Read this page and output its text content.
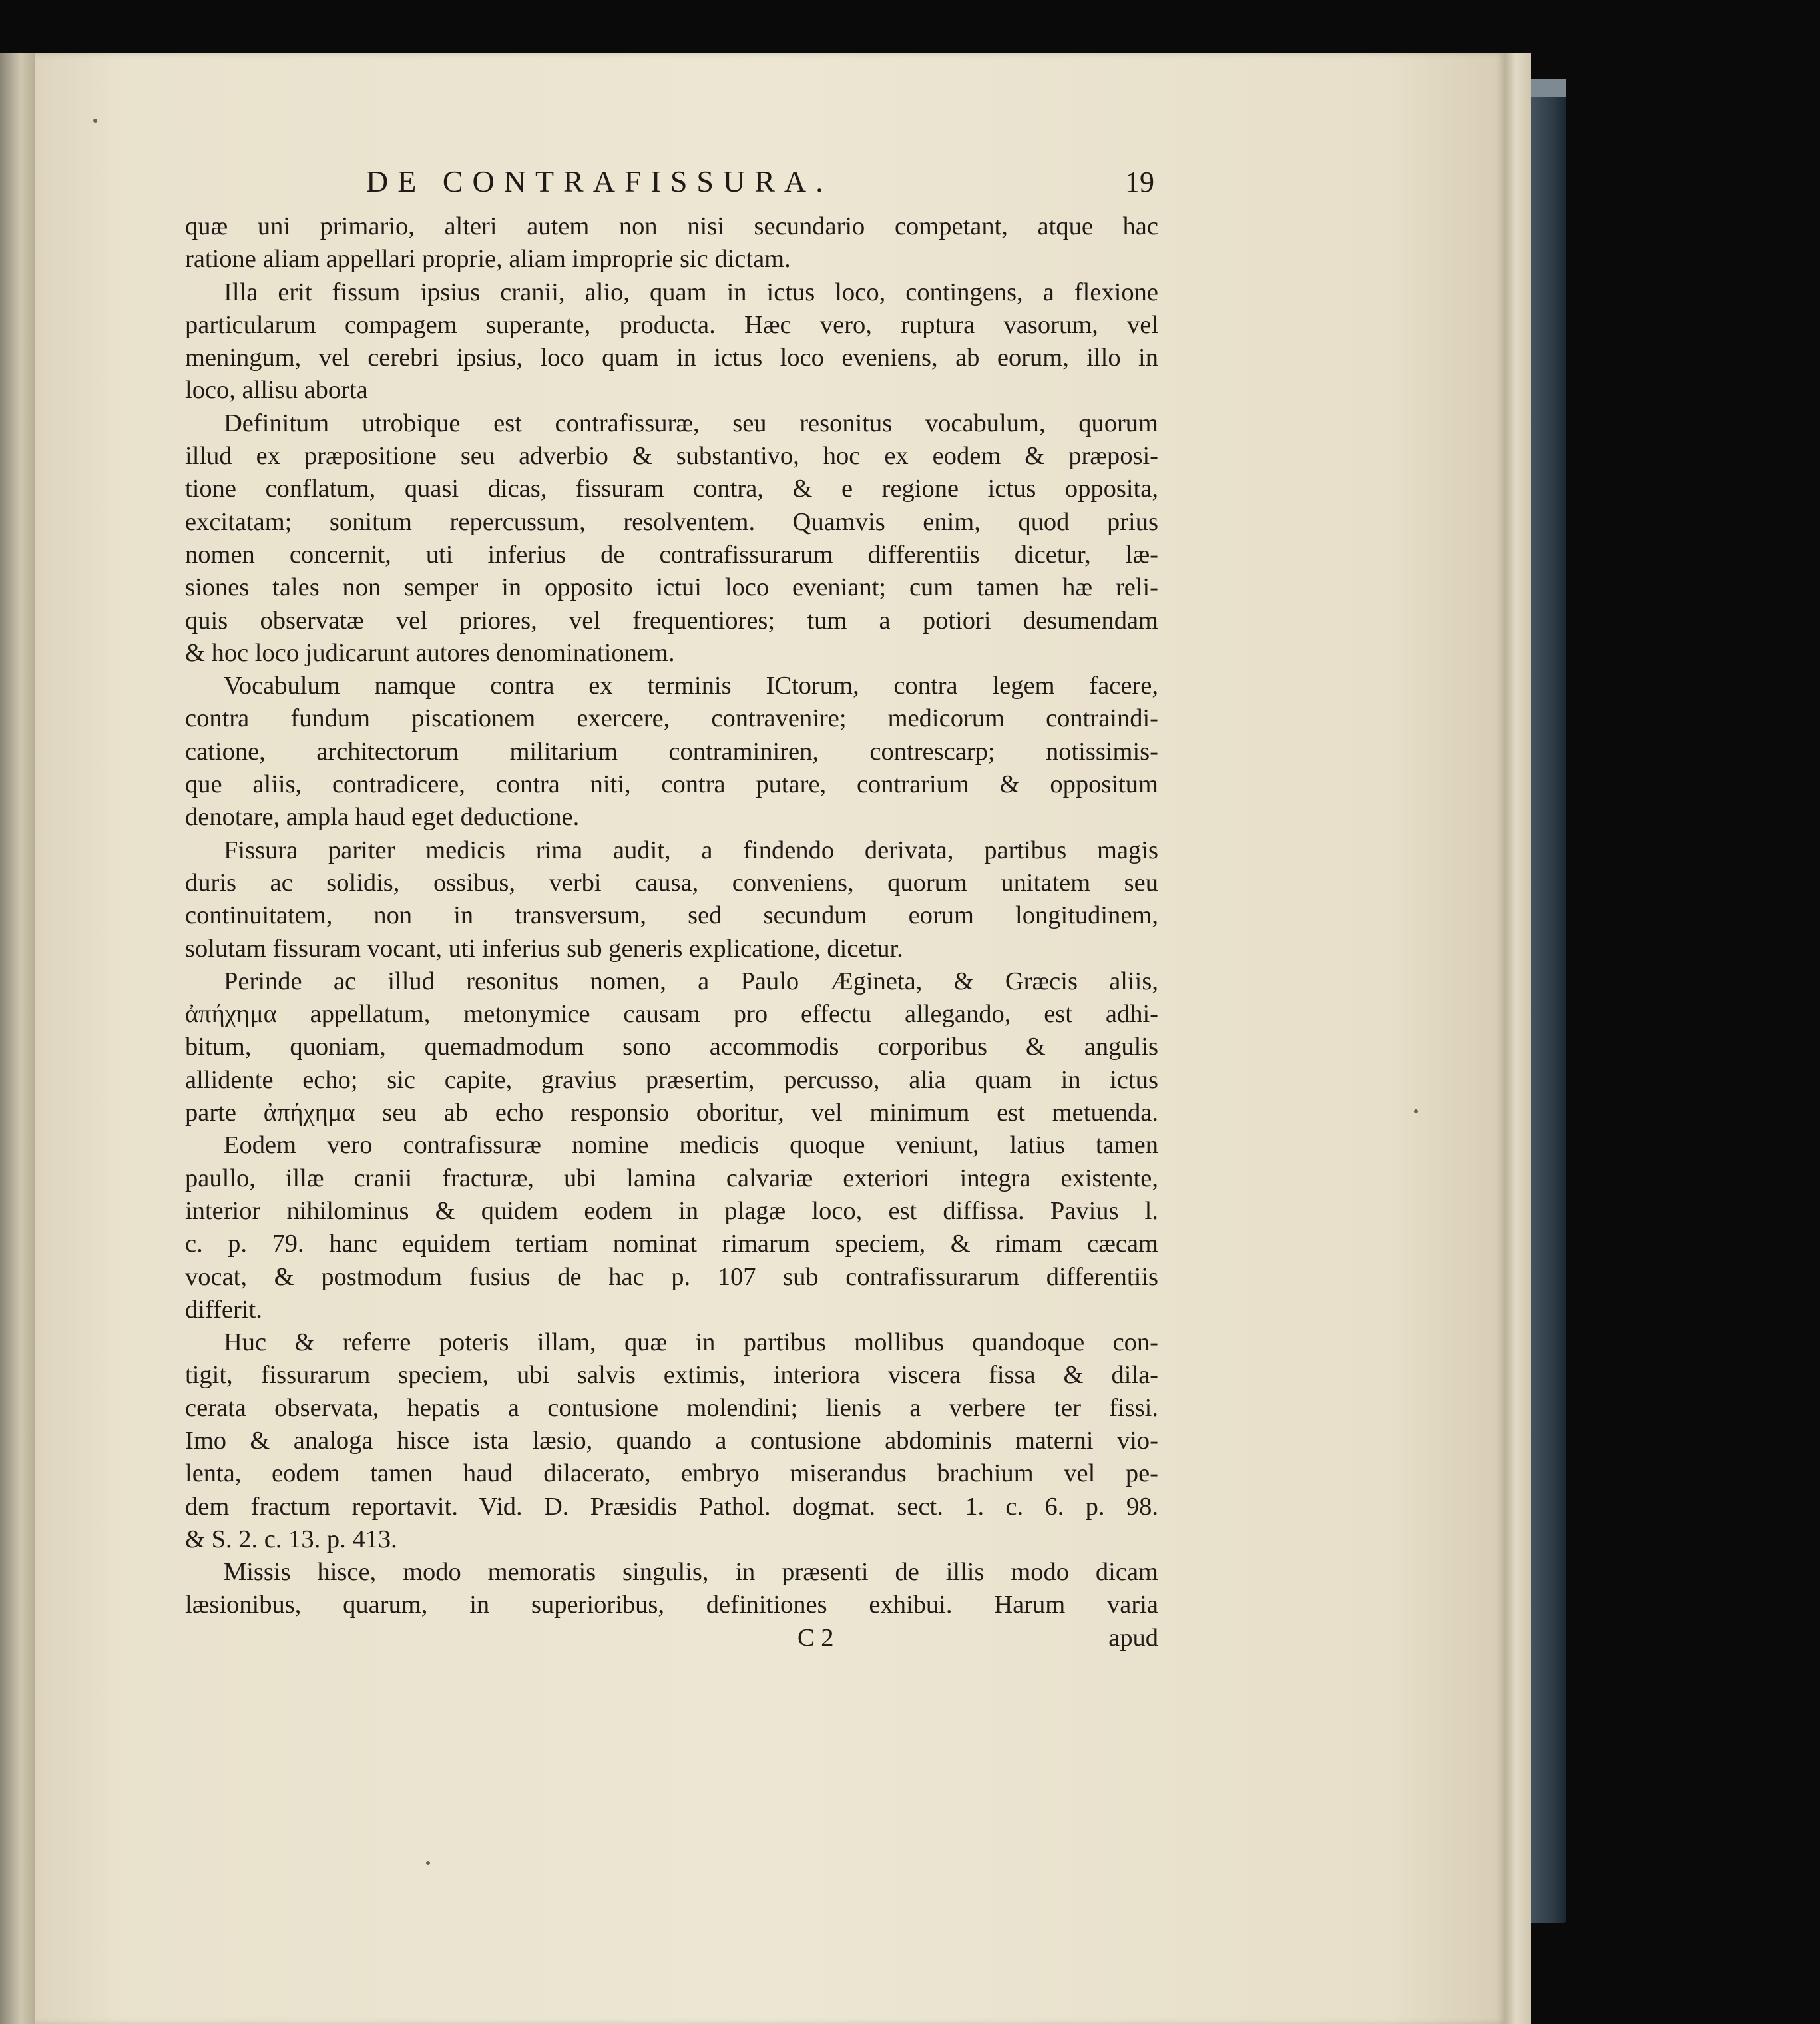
DE CONTRAFISSURA.	19
quæ uni primario, alteri autem non nisi secundario competant, atque hac
ratione aliam appellari proprie, aliam improprie sic dictam.
Illa erit fissum ipsius cranii, alio, quam in ictus loco, contingens, a flexione
particularum compagem superante, producta. Hæc vero, ruptura vasorum, vel
meningum, vel cerebri ipsius, loco quam in ictus loco eveniens, ab eorum, illo in
loco, allisu aborta
Definitum utrobique est contrafissuræ, seu resonitus vocabulum, quorum
illud ex præpositione seu adverbio & substantivo, hoc ex eodem & præposi-
tione conflatum, quasi dicas, fissuram contra, & e regione ictus opposita,
excitatam; sonitum repercussum, resolventem. Quamvis enim, quod prius
nomen concernit, uti inferius de contrafissurarum differentiis dicetur, læ-
siones tales non semper in opposito ictui loco eveniant; cum tamen hæ reli-
quis observatæ vel priores, vel frequentiores; tum a potiori desumendam
& hoc loco judicarunt autores denominationem.
Vocabulum namque contra ex terminis ICtorum, contra legem facere,
contra fundum piscationem exercere, contravenire; medicorum contraindi-
catione, architectorum militarium contraminiren, contrescarp; notissimis-
que aliis, contradicere, contra niti, contra putare, contrarium & oppositum
denotare, ampla haud eget deductione.
Fissura pariter medicis rima audit, a findendo derivata, partibus magis
duris ac solidis, ossibus, verbi causa, conveniens, quorum unitatem seu
continuitatem, non in transversum, sed secundum eorum longitudinem,
solutam fissuram vocant, uti inferius sub generis explicatione, dicetur.
Perinde ac illud resonitus nomen, a Paulo Ægineta, & Græcis aliis,
ἀπήχημα appellatum, metonymice causam pro effectu allegando, est adhi-
bitum, quoniam, quemadmodum sono accommodis corporibus & angulis
allidente echo; sic capite, gravius præsertim, percusso, alia quam in ictus
parte ἀπήχημα seu ab echo responsio oboritur, vel minimum est metuenda.
Eodem vero contrafissuræ nomine medicis quoque veniunt, latius tamen
paullo, illæ cranii fracturæ, ubi lamina calvariæ exteriori integra existente,
interior nihilominus & quidem eodem in plagæ loco, est diffissa. Pavius l.
c. p. 79. hanc equidem tertiam nominat rimarum speciem, & rimam cæcam
vocat, & postmodum fusius de hac p. 107 sub contrafissurarum differentiis
differit.
Huc & referre poteris illam, quæ in partibus mollibus quandoque con-
tigit, fissurarum speciem, ubi salvis extimis, interiora viscera fissa & dila-
cerata observata, hepatis a contusione molendini; lienis a verbere ter fissi.
Imo & analoga hisce ista læsio, quando a contusione abdominis materni vio-
lenta, eodem tamen haud dilacerato, embryo miserandus brachium vel pe-
dem fractum reportavit. Vid. D. Præsidis Pathol. dogmat. sect. 1. c. 6. p. 98.
& S. 2. c. 13. p. 413.
Missis hisce, modo memoratis singulis, in præsenti de illis modo dicam
læsionibus, quarum, in superioribus, definitiones exhibui. Harum varia
C 2	apud
